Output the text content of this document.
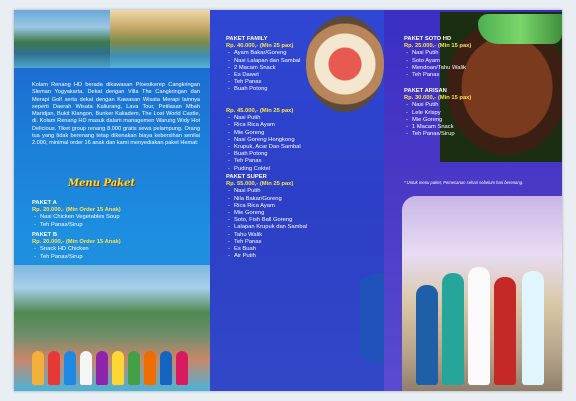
Kolam Renang HD berada dikawasan Ploesikerep Cangkringan Sleman Yogyakarta. Dekat dengan Villa The Cangkringan dan Merapi Golf serta dekat dengan Kawasan Wisata Merapi lainnya seperti Daerah Wisata Kaliurang, Lava Tour, Petilasan Mbah Maridjan, Bukit Klangon, Bunker Kaliadem, The Lost World Castle, di. Kolam Renang HD masuk dalam managemen Warung Widy Hot Delicious. Tiket group renang 8.000 gratis sewa pelampung. Orang tua yang tidak berenang tetap dikenakan biaya kebersihan senilai 2.000, minimal order 16 anak dan kami menyediakan paket Hemat:

Menu Paket
PAKET A
Rp. 20.000,- (Min Order 15 Anak)
- Nasi Chicken Vegetables Soup
- Teh Panas/Sirup
PAKET B
Rp. 20.000,- (Min Order 15 Anak)
- Snack HD Chicken
- Teh Panas/Sirup
PAKET FAMILY
Rp. 40.000,- (Min 25 pax)
- Ayam Bakar/Goreng
- Nasi Lalapan dan Sambal
- 2 Macam Snack
- Es Dawet
- Teh Panas
- Buah Potong
Rp. 45.000,- (Min 25 pax)
- Nasi Putih
- Rica Rica Ayam
- Mie Goreng
- Nasi Goreng Hongkong
- Krupuk, Acar Dan Sambal
- Buah Potong
- Teh Panas
- Puding Coktel
PAKET SUPER
Rp. 55.000,- (Min 25 pax)
- Nasi Putih
- Nila Bakar/Goreng
- Rica Rica Ayam
- Mie Goreng
- Soto, Fish Ball Goreng
- Lalapan Krupuk dan Sambal
- Tahu Walik
- Teh Panas
- Es Buah
- Air Putih
PAKET SOTO HD
Rp. 25.000,- (Min 15 pax)
- Nasi Putih
- Soto Ayam
- Mendoan/Tahu Walik
- Teh Panas
PAKET ARISAN
Rp. 30.000,- (Min 15 pax)
- Nasi Putih
- Lele Krispy
- Mie Goreng
- 1 Macam Snack
- Teh Panas/Sirup
* Untuk menu paket, Pemesanan sehari sebelum hari berenang.
